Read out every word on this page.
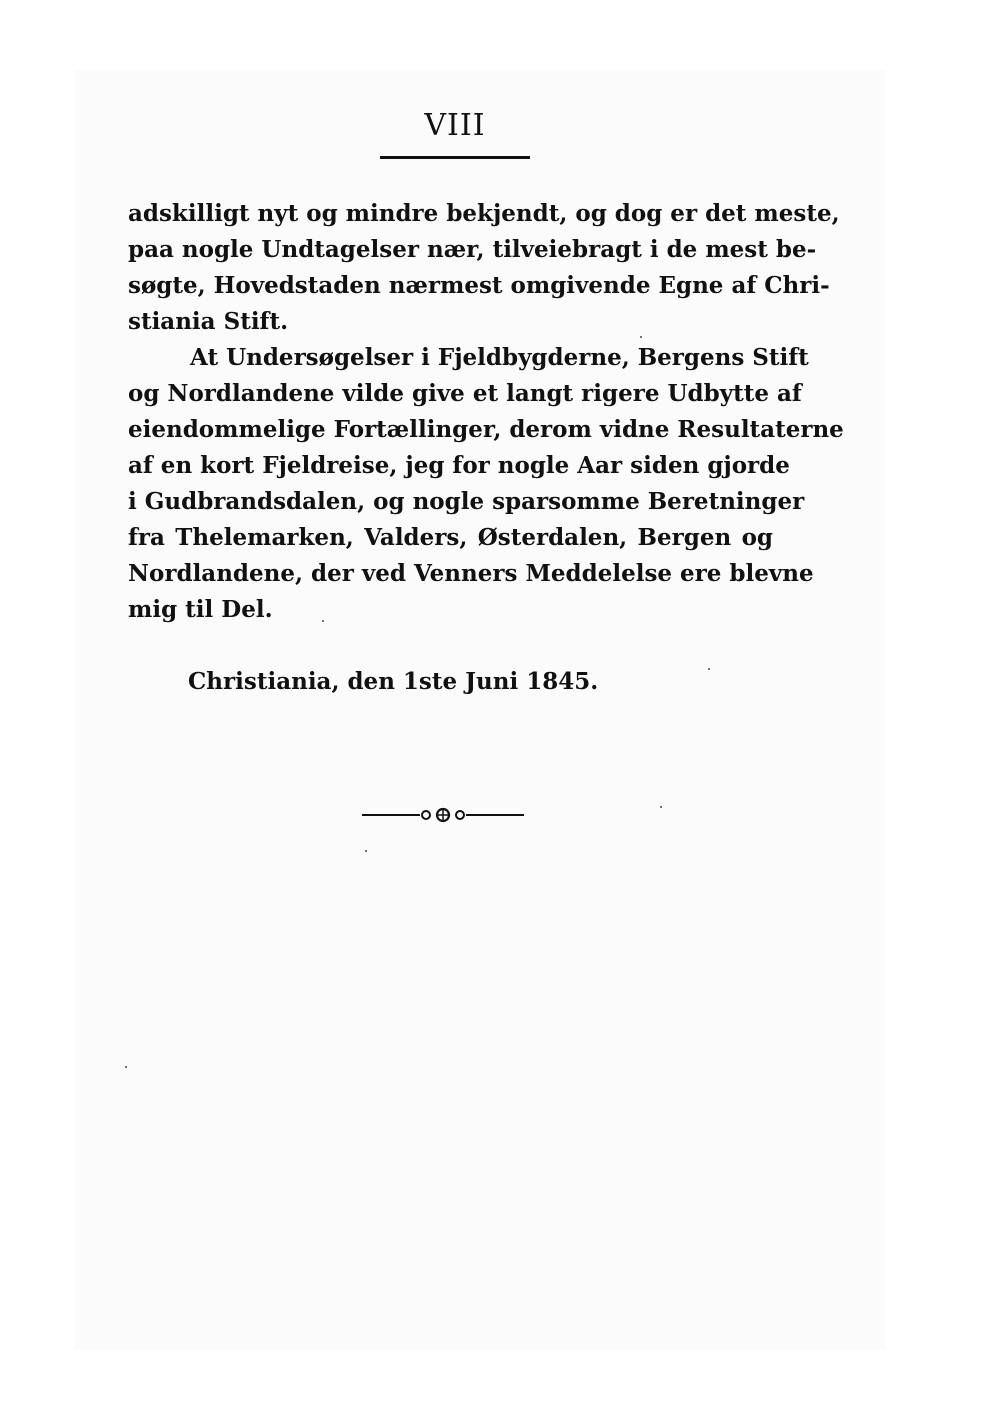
VIII
adskilligt nyt og mindre bekjendt, og dog er det meste,
paa nogle Undtagelser nær, tilveiebragt i de mest be-
søgte, Hovedstaden nærmest omgivende Egne af Chri-
stiania Stift.
At Undersøgelser i Fjeldbygderne, Bergens Stift
og Nordlandene vilde give et langt rigere Udbytte af
eiendommelige Fortællinger, derom vidne Resultaterne
af en kort Fjeldreise, jeg for nogle Aar siden gjorde
i Gudbrandsdalen, og nogle sparsomme Beretninger
fra Thelemarken, Valders, Østerdalen, Bergen og
Nordlandene, der ved Venners Meddelelse ere blevne
mig til Del.
Christiania, den 1ste Juni 1845.
